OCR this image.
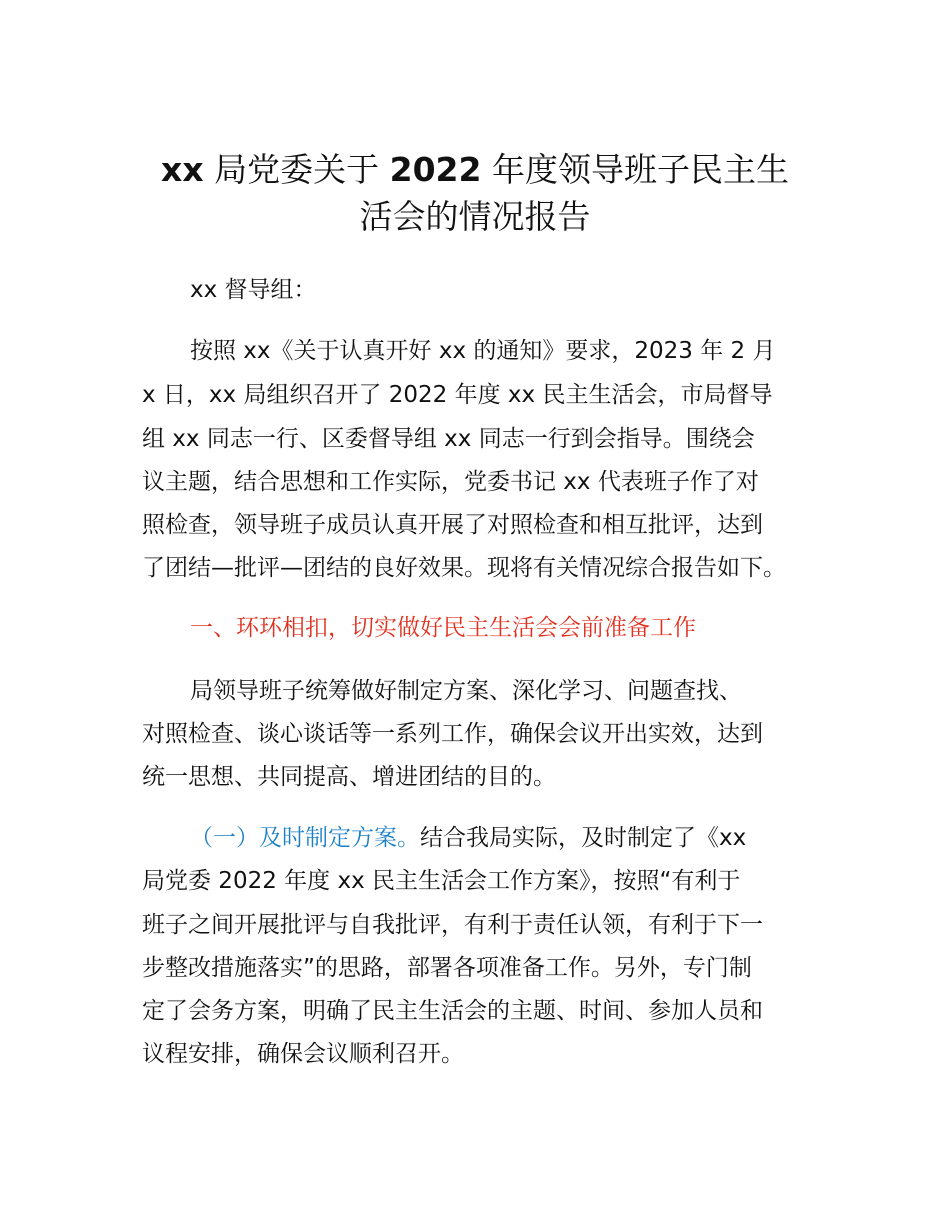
xx 局党委关于 2022 年度领导班子民主生
活会的情况报告
xx 督导组：
按照 xx《关于认真开好 xx 的通知》要求，2023 年 2 月
x 日，xx 局组织召开了 2022 年度 xx 民主生活会，市局督导
组 xx 同志一行、区委督导组 xx 同志一行到会指导。围绕会
议主题，结合思想和工作实际，党委书记 xx 代表班子作了对
照检查，领导班子成员认真开展了对照检查和相互批评，达到
了团结—批评—团结的良好效果。现将有关情况综合报告如下。
一、环环相扣，切实做好民主生活会会前准备工作
局领导班子统筹做好制定方案、深化学习、问题查找、
对照检查、谈心谈话等一系列工作，确保会议开出实效，达到
统一思想、共同提高、增进团结的目的。
（一）及时制定方案。结合我局实际，及时制定了《xx
局党委 2022 年度 xx 民主生活会工作方案》，按照“有利于
班子之间开展批评与自我批评，有利于责任认领，有利于下一
步整改措施落实”的思路，部署各项准备工作。另外，专门制
定了会务方案，明确了民主生活会的主题、时间、参加人员和
议程安排，确保会议顺利召开。
